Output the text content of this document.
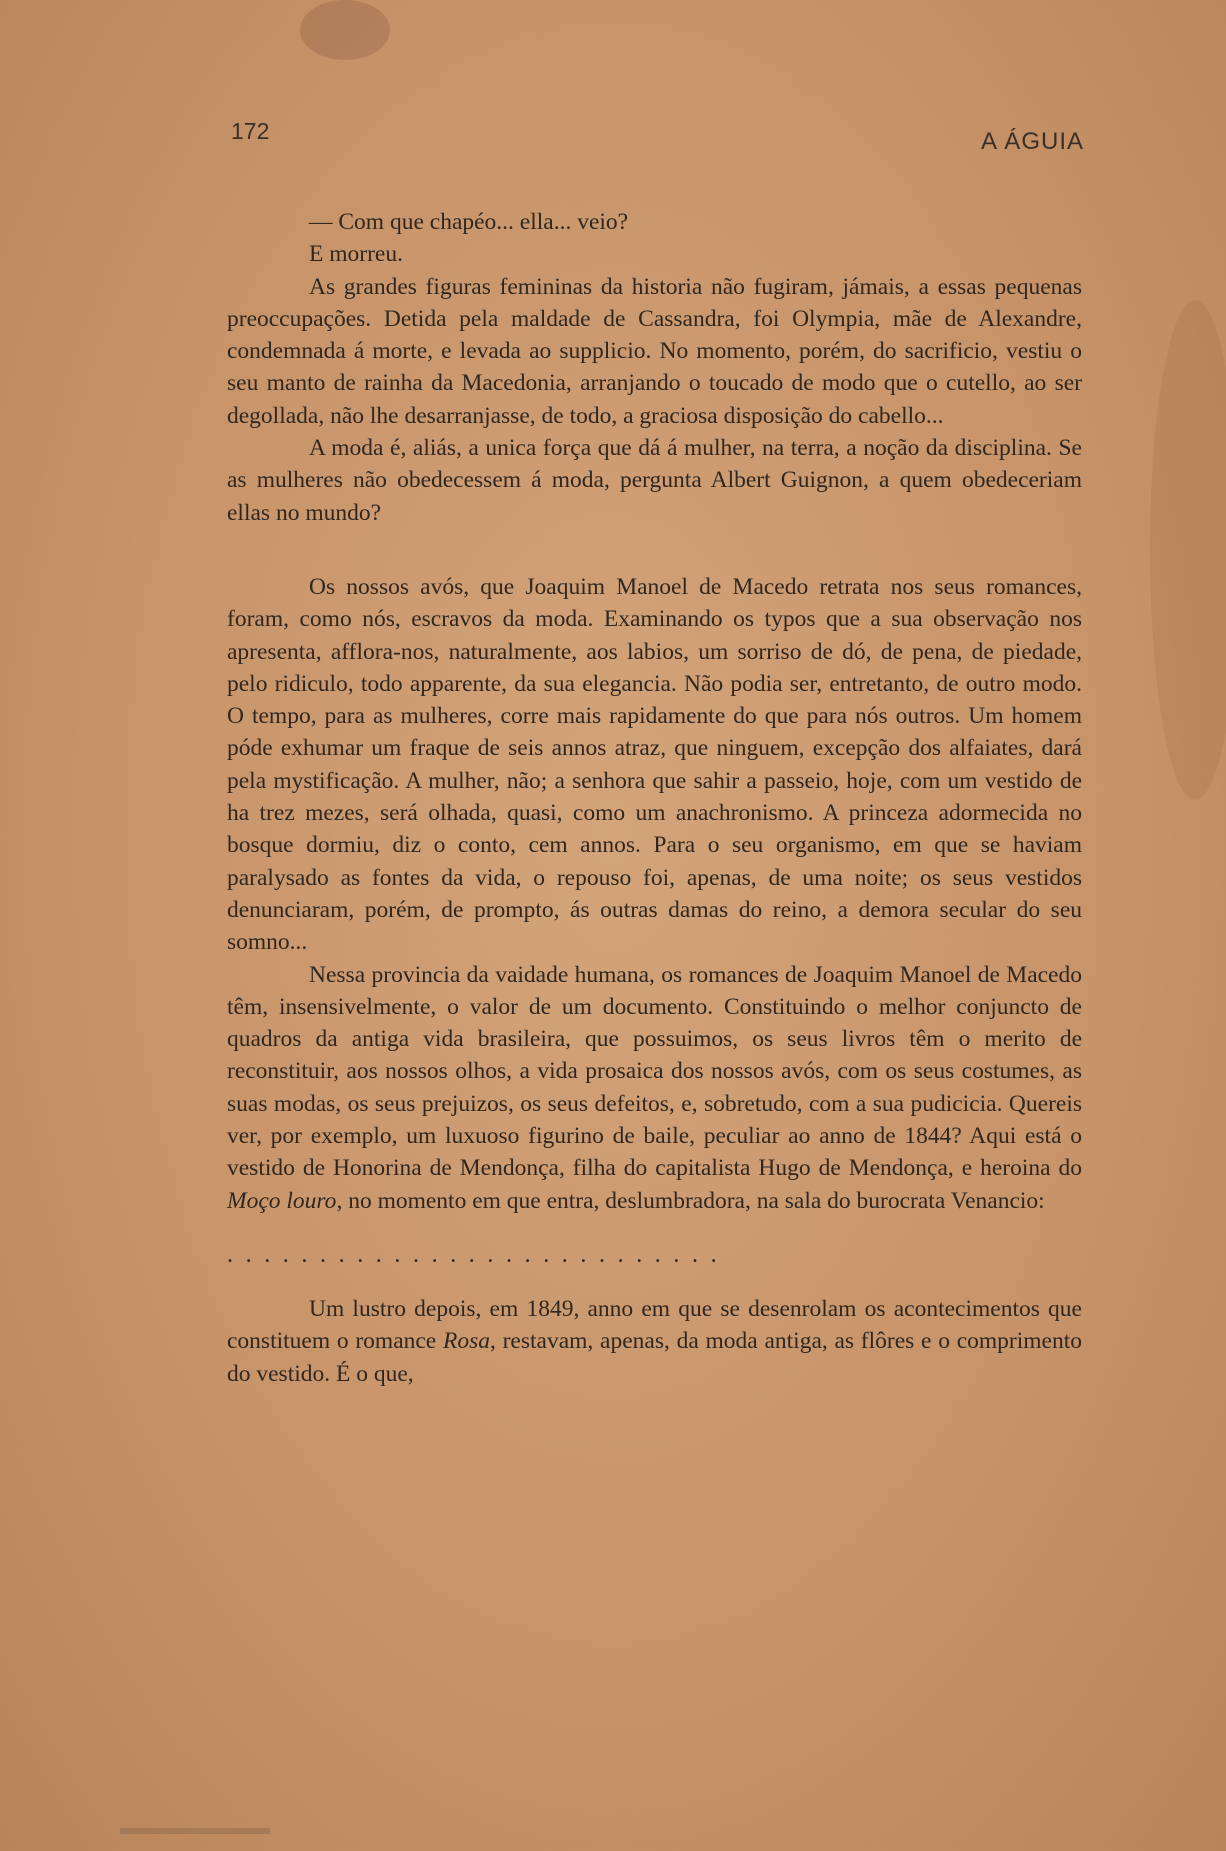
172	A ÁGUIA

— Com que chapéo... ella... veio?

E morreu.

As grandes figuras femininas da historia não fugiram, jámais, a essas pequenas preoccupações. Detida pela maldade de Cassandra, foi Olympia, mãe de Alexandre, condemnada á morte, e levada ao supplicio. No momento, porém, do sacrificio, vestiu o seu manto de rainha da Macedonia, arranjando o toucado de modo que o cutello, ao ser degollada, não lhe desarranjasse, de todo, a graciosa disposição do cabello...

A moda é, aliás, a unica força que dá á mulher, na terra, a noção da disciplina. Se as mulheres não obedecessem á moda, pergunta Albert Guignon, a quem obedeceriam ellas no mundo?

Os nossos avós, que Joaquim Manoel de Macedo retrata nos seus romances, foram, como nós, escravos da moda. Examinando os typos que a sua observação nos apresenta, afflora-nos, naturalmente, aos labios, um sorriso de dó, de pena, de piedade, pelo ridiculo, todo apparente, da sua elegancia. Não podia ser, entretanto, de outro modo. O tempo, para as mulheres, corre mais rapidamente do que para nós outros. Um homem póde exhumar um fraque de seis annos atraz, que ninguem, excepção dos alfaiates, dará pela mystificação. A mulher, não; a senhora que sahir a passeio, hoje, com um vestido de ha trez mezes, será olhada, quasi, como um anachronismo. A princeza adormecida no bosque dormiu, diz o conto, cem annos. Para o seu organismo, em que se haviam paralysado as fontes da vida, o repouso foi, apenas, de uma noite; os seus vestidos denunciaram, porém, de prompto, ás outras damas do reino, a demora secular do seu somno...

Nessa provincia da vaidade humana, os romances de Joaquim Manoel de Macedo têm, insensivelmente, o valor de um documento. Constituindo o melhor conjuncto de quadros da antiga vida brasileira, que possuimos, os seus livros têm o merito de reconstituir, aos nossos olhos, a vida prosaica dos nossos avós, com os seus costumes, as suas modas, os seus prejuizos, os seus defeitos, e, sobretudo, com a sua pudicicia. Quereis ver, por exemplo, um luxuoso figurino de baile, peculiar ao anno de 1844? Aqui está o vestido de Honorina de Mendonça, filha do capitalista Hugo de Mendonça, e heroina do Moço louro, no momento em que entra, deslumbradora, na sala do burocrata Venancio:

...........................

Um lustro depois, em 1849, anno em que se desenrolam os acontecimentos que constituem o romance Rosa, restavam, apenas, da moda antiga, as flôres e o comprimento do vestido. É o que,
